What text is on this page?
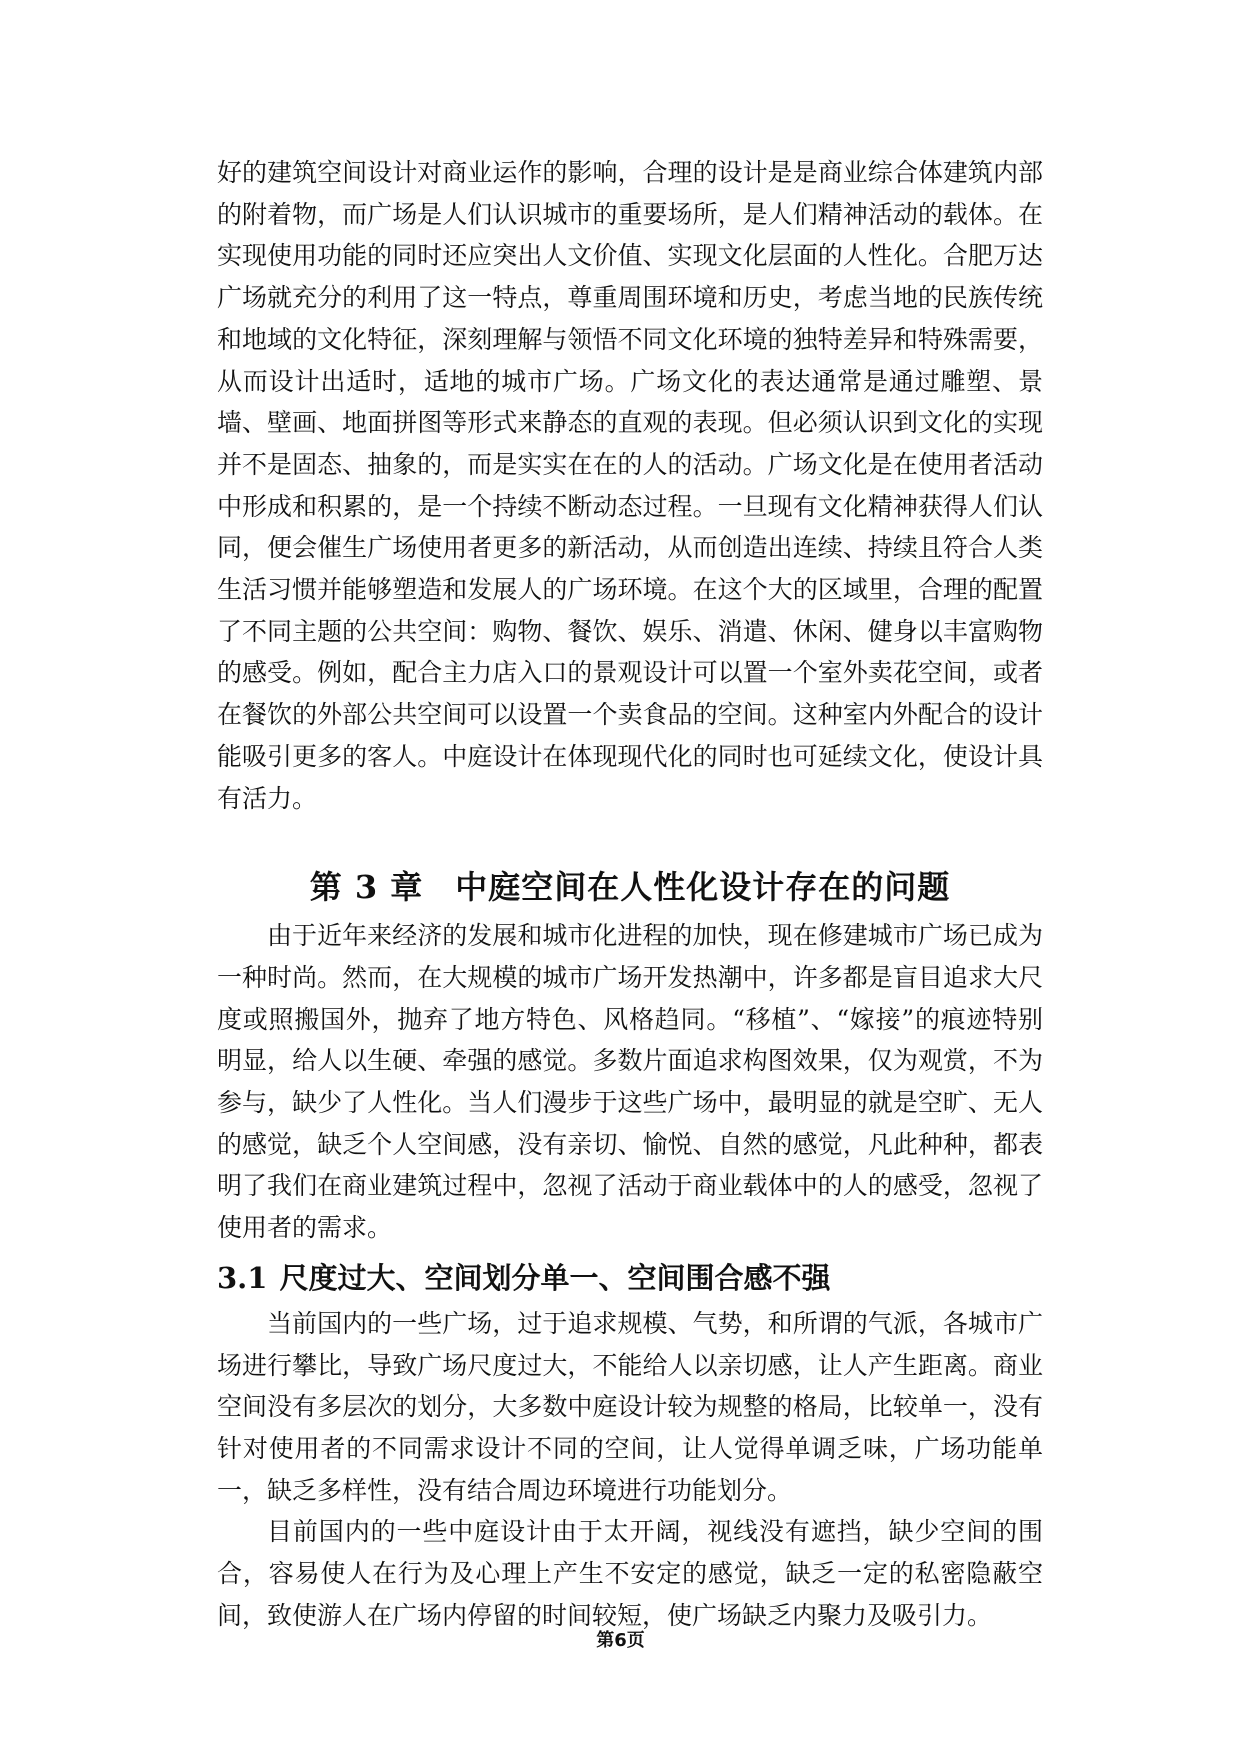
好的建筑空间设计对商业运作的影响，合理的设计是是商业综合体建筑内部的附着物，而广场是人们认识城市的重要场所，是人们精神活动的载体。在实现使用功能的同时还应突出人文价值、实现文化层面的人性化。合肥万达广场就充分的利用了这一特点，尊重周围环境和历史，考虑当地的民族传统和地域的文化特征，深刻理解与领悟不同文化环境的独特差异和特殊需要，从而设计出适时，适地的城市广场。广场文化的表达通常是通过雕塑、景墙、壁画、地面拼图等形式来静态的直观的表现。但必须认识到文化的实现并不是固态、抽象的，而是实实在在的人的活动。广场文化是在使用者活动中形成和积累的，是一个持续不断动态过程。一旦现有文化精神获得人们认同，便会催生广场使用者更多的新活动，从而创造出连续、持续且符合人类生活习惯并能够塑造和发展人的广场环境。在这个大的区域里，合理的配置了不同主题的公共空间：购物、餐饮、娱乐、消遣、休闲、健身以丰富购物的感受。例如，配合主力店入口的景观设计可以置一个室外卖花空间，或者在餐饮的外部公共空间可以设置一个卖食品的空间。这种室内外配合的设计能吸引更多的客人。中庭设计在体现现代化的同时也可延续文化，使设计具有活力。

第 3 章 中庭空间在人性化设计存在的问题

由于近年来经济的发展和城市化进程的加快，现在修建城市广场已成为一种时尚。然而，在大规模的城市广场开发热潮中，许多都是盲目追求大尺度或照搬国外，抛弃了地方特色、风格趋同。“移植”、“嫁接”的痕迹特别明显，给人以生硬、牵强的感觉。多数片面追求构图效果，仅为观赏，不为参与，缺少了人性化。当人们漫步于这些广场中，最明显的就是空旷、无人的感觉，缺乏个人空间感，没有亲切、愉悦、自然的感觉，凡此种种，都表明了我们在商业建筑过程中，忽视了活动于商业载体中的人的感受，忽视了使用者的需求。

3.1 尺度过大、空间划分单一、空间围合感不强

当前国内的一些广场，过于追求规模、气势，和所谓的气派，各城市广场进行攀比，导致广场尺度过大，不能给人以亲切感，让人产生距离。商业空间没有多层次的划分，大多数中庭设计较为规整的格局，比较单一，没有针对使用者的不同需求设计不同的空间，让人觉得单调乏味，广场功能单一，缺乏多样性，没有结合周边环境进行功能划分。

目前国内的一些中庭设计由于太开阔，视线没有遮挡，缺少空间的围合，容易使人在行为及心理上产生不安定的感觉，缺乏一定的私密隐蔽空间，致使游人在广场内停留的时间较短，使广场缺乏内聚力及吸引力。

第6页
